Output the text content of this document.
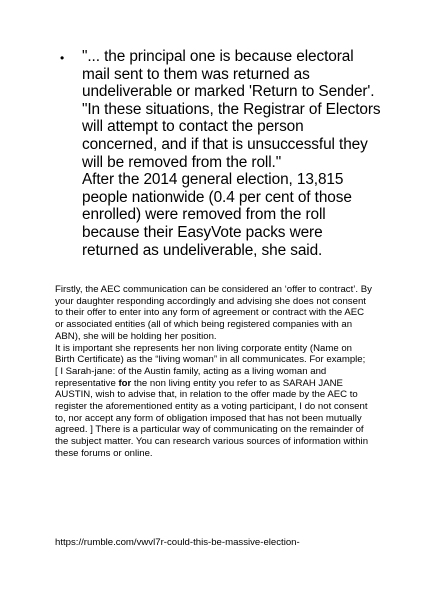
•	"... the principal one is because electoral mail sent to them was returned as undeliverable or marked 'Return to Sender'.

"In these situations, the Registrar of Electors will attempt to contact the person concerned, and if that is unsuccessful they will be removed from the roll."

After the 2014 general election, 13,815 people nationwide (0.4 per cent of those enrolled) were removed from the roll because their EasyVote packs were returned as undeliverable, she said.

Firstly, the AEC communication can be considered an ‘offer to contract’. By your daughter responding accordingly and advising she does not consent to their offer to enter into any form of agreement or contract with the AEC or associated entities (all of which being registered companies with an ABN), she will be holding her position.

It is important she represents her non living corporate entity (Name on Birth Certificate) as the “living woman” in all communicates. For example;

[ I Sarah-jane: of the Austin family, acting as a living woman and representative for the non living entity you refer to as SARAH JANE AUSTIN, wish to advise that, in relation to the offer made by the AEC to register the aforementioned entity as a voting participant, I do not consent to, nor accept any form of obligation imposed that has not been mutually agreed. ] There is a particular way of communicating on the remainder of the subject matter. You can research various sources of information within these forums or online.

https://rumble.com/vwvl7r-could-this-be-massive-election-
